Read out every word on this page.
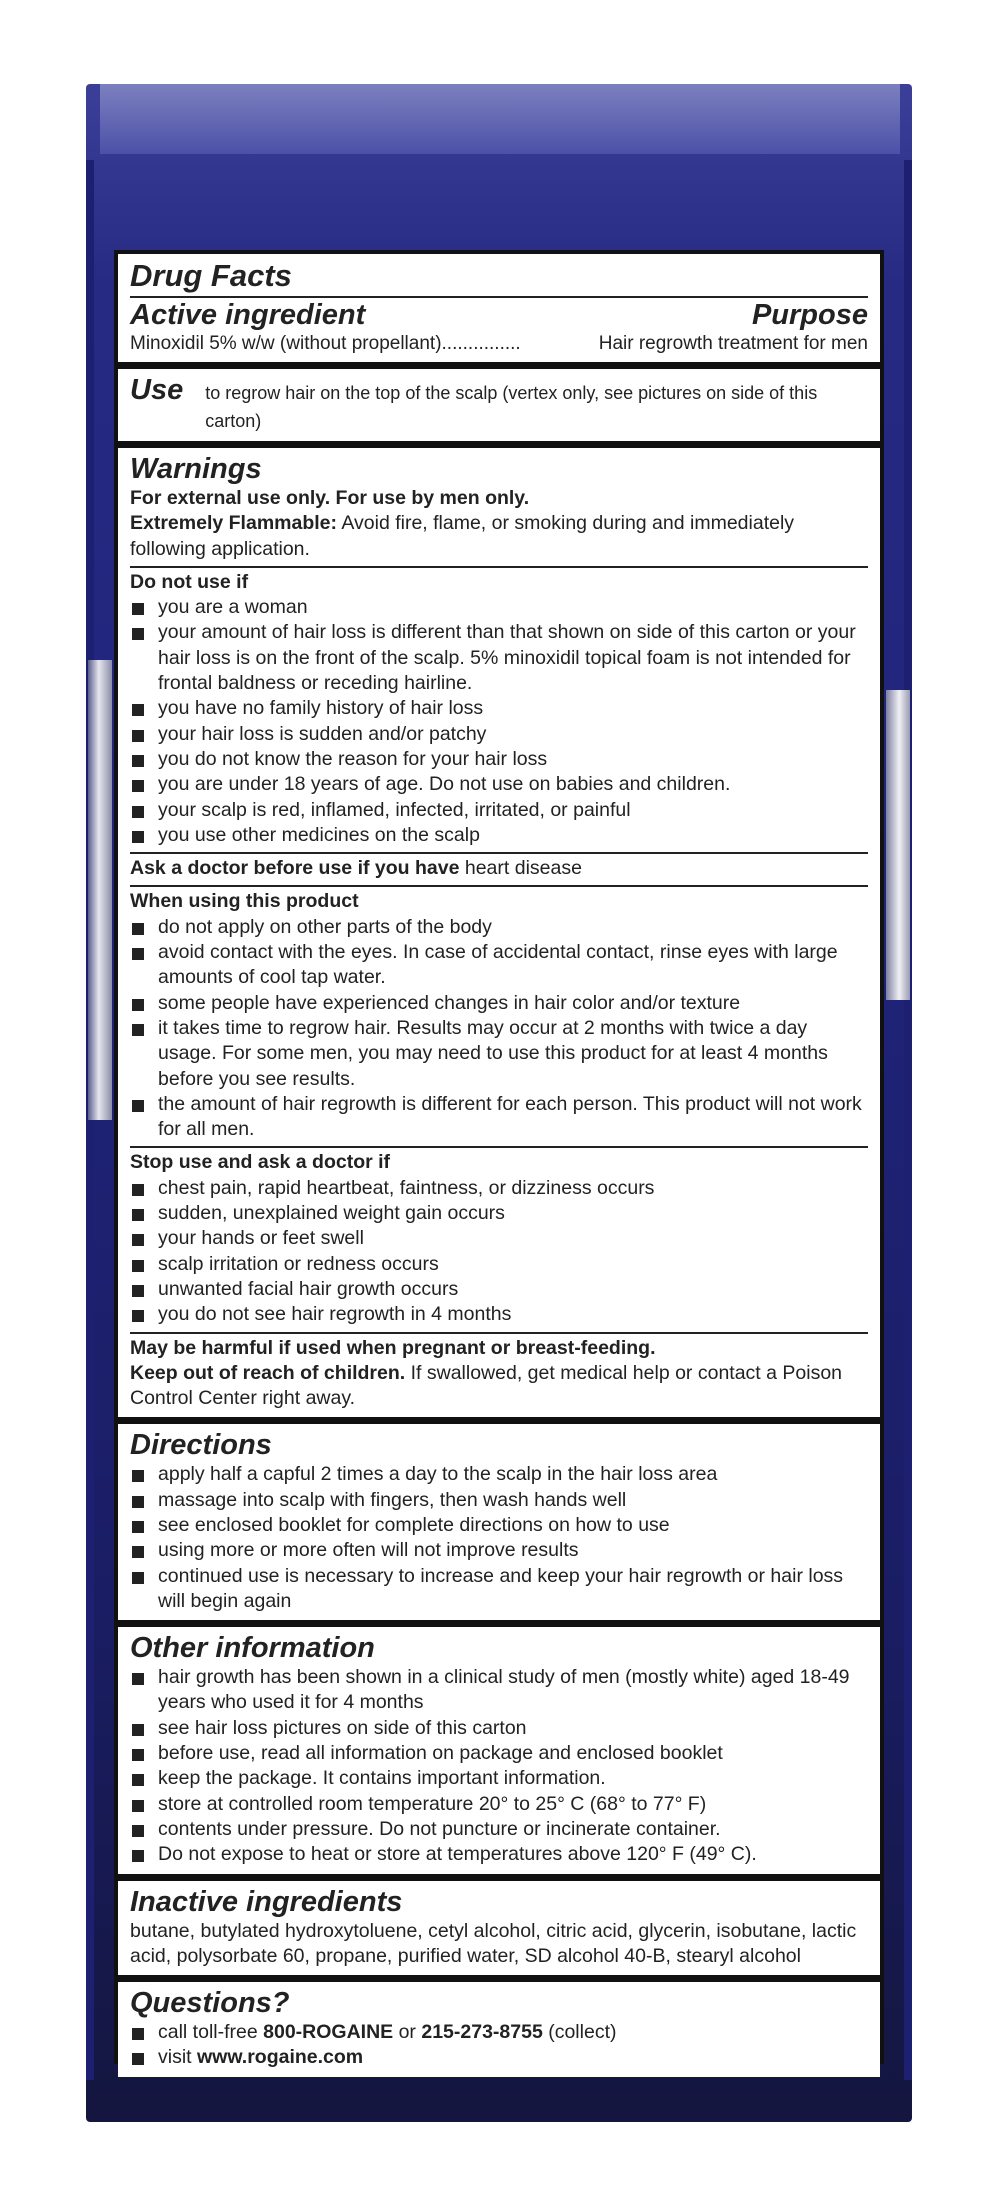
Drug Facts
Active ingredient	Purpose
Minoxidil 5% w/w (without propellant)...............	Hair regrowth treatment for men
Use to regrow hair on the top of the scalp (vertex only, see pictures on side of this carton)
Warnings
For external use only. For use by men only.
Extremely Flammable: Avoid fire, flame, or smoking during and immediately following application.
Do not use if
you are a woman
your amount of hair loss is different than that shown on side of this carton or your hair loss is on the front of the scalp. 5% minoxidil topical foam is not intended for frontal baldness or receding hairline.
you have no family history of hair loss
your hair loss is sudden and/or patchy
you do not know the reason for your hair loss
you are under 18 years of age. Do not use on babies and children.
your scalp is red, inflamed, infected, irritated, or painful
you use other medicines on the scalp
Ask a doctor before use if you have heart disease
When using this product
do not apply on other parts of the body
avoid contact with the eyes. In case of accidental contact, rinse eyes with large amounts of cool tap water.
some people have experienced changes in hair color and/or texture
it takes time to regrow hair. Results may occur at 2 months with twice a day usage. For some men, you may need to use this product for at least 4 months before you see results.
the amount of hair regrowth is different for each person. This product will not work for all men.
Stop use and ask a doctor if
chest pain, rapid heartbeat, faintness, or dizziness occurs
sudden, unexplained weight gain occurs
your hands or feet swell
scalp irritation or redness occurs
unwanted facial hair growth occurs
you do not see hair regrowth in 4 months
May be harmful if used when pregnant or breast-feeding.
Keep out of reach of children. If swallowed, get medical help or contact a Poison Control Center right away.
Directions
apply half a capful 2 times a day to the scalp in the hair loss area
massage into scalp with fingers, then wash hands well
see enclosed booklet for complete directions on how to use
using more or more often will not improve results
continued use is necessary to increase and keep your hair regrowth or hair loss will begin again
Other information
hair growth has been shown in a clinical study of men (mostly white) aged 18-49 years who used it for 4 months
see hair loss pictures on side of this carton
before use, read all information on package and enclosed booklet
keep the package. It contains important information.
store at controlled room temperature 20° to 25° C (68° to 77° F)
contents under pressure. Do not puncture or incinerate container.
Do not expose to heat or store at temperatures above 120° F (49° C).
Inactive ingredients
butane, butylated hydroxytoluene, cetyl alcohol, citric acid, glycerin, isobutane, lactic acid, polysorbate 60, propane, purified water, SD alcohol 40-B, stearyl alcohol
Questions?
call toll-free 800-ROGAINE or 215-273-8755 (collect)
visit www.rogaine.com
